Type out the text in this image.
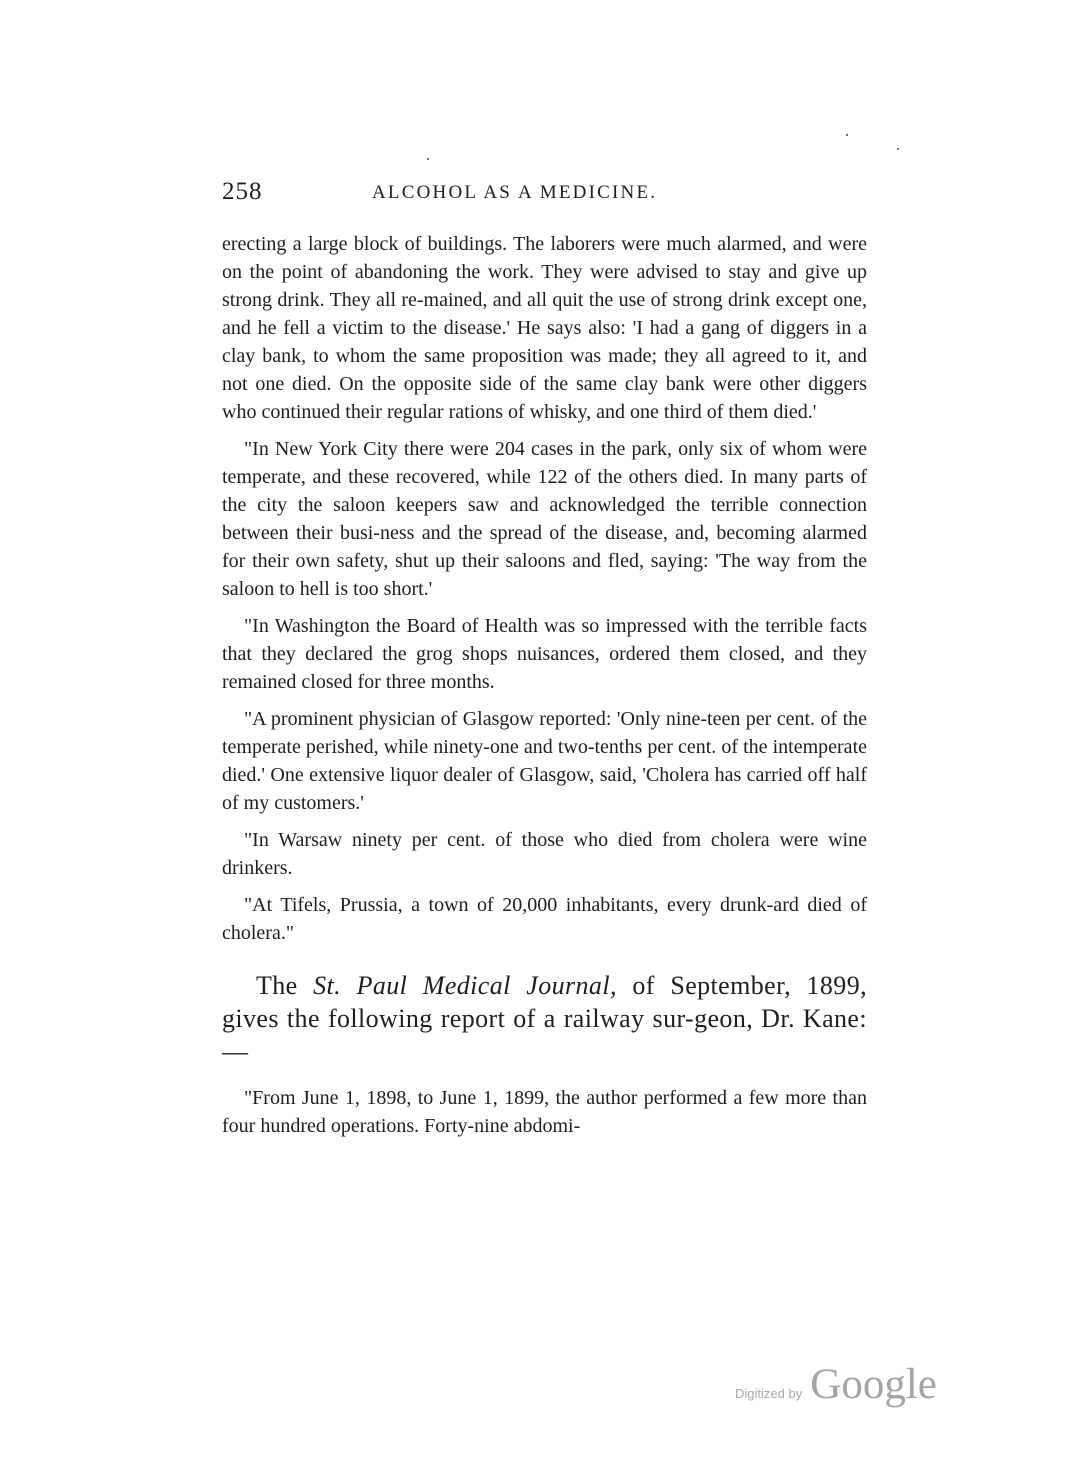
258	ALCOHOL AS A MEDICINE.

erecting a large block of buildings. The laborers were much alarmed, and were on the point of abandoning the work. They were advised to stay and give up strong drink. They all re-mained, and all quit the use of strong drink except one, and he fell a victim to the disease.' He says also: 'I had a gang of diggers in a clay bank, to whom the same proposition was made; they all agreed to it, and not one died. On the opposite side of the same clay bank were other diggers who continued their regular rations of whisky, and one third of them died.'

"In New York City there were 204 cases in the park, only six of whom were temperate, and these recovered, while 122 of the others died. In many parts of the city the saloon keepers saw and acknowledged the terrible connection between their busi-ness and the spread of the disease, and, becoming alarmed for their own safety, shut up their saloons and fled, saying: 'The way from the saloon to hell is too short.'

"In Washington the Board of Health was so impressed with the terrible facts that they declared the grog shops nuisances, ordered them closed, and they remained closed for three months.

"A prominent physician of Glasgow reported: 'Only nine-teen per cent. of the temperate perished, while ninety-one and two-tenths per cent. of the intemperate died.' One extensive liquor dealer of Glasgow, said, 'Cholera has carried off half of my customers.'

"In Warsaw ninety per cent. of those who died from cholera were wine drinkers.

"At Tifels, Prussia, a town of 20,000 inhabitants, every drunk-ard died of cholera."

The St. Paul Medical Journal, of September, 1899, gives the following report of a railway sur-geon, Dr. Kane:—

"From June 1, 1898, to June 1, 1899, the author performed a few more than four hundred operations. Forty-nine abdomi-

Digitized by Google
